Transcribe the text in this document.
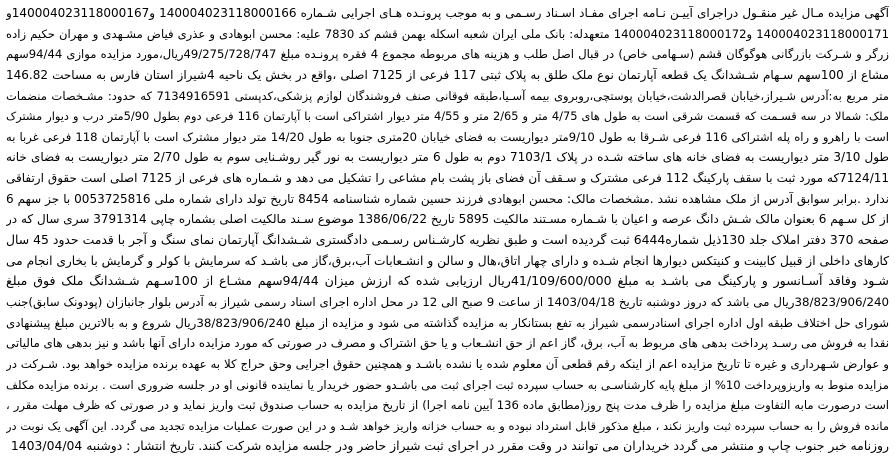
آگهی مزایده مـال غیر منقـول دراجرای آییـن نـامه اجرای مفـاد اسـناد رسـمی و به موجب پرونـده هـای اجرایی شـماره 140004023118000166 و140004023118000167و
140004023118000171 و140004023118000172 متعهدله: بانک ملی ایران شعبه اسکله بهمن قشم کد 7830 علیه: محسن ابوهادی و عذری فیاض مشـهدی و مهران حکیم زاده
زرگر و شـرکت بازرگانی هوگوگان قشم (سـهامی خاص) در قبال اصل طلب و هزینه های مربوطه مجموع 4 فقره پرونـده مبلغ 49/275/728/747ریال،مورد مزایده موازی 94/44سهم
مشاع از 100سهم سـهام شـشدانگ یک قطعه آپارتمان نوع ملک طلق به پلاک ثبتی 117 فرعی از 7125 اصلی ،واقع در بخش یک ناحیه 4شیراز استان فارس به مساحت 146.82
متر مربع به:آدرس شـیراز،خیابان قصرالدشت،خیابان پوستچی،روبروی بیمه آسـیا،طبقه فوقانی صنف فروشندگان لوازم پزشکی،کدپستی 7134916591 که حدود: مشـخصات منضمات
ملک: شمالا در سه قسـمت که قسمت شرقی است به طول های 4/75 متر و 2/65 متر و 4/55 متر دیوار اشتراکی است با آپارتمان 116 فرعی دوم بطول 5/90متر درب و دیوار مشترک
است با راهرو و راه پله اشتراکی 116 فرعی شـرقا به طول 9/10متر دیواریست به فضای خیابان 20متری جنوبا به طول 14/20 متر دیوار مشترک است با آپارتمان 118 فرعی غربا به
طول 3/10 متر دیواریست به فضای خانه های ساخته شـده در پلاک 7103/1 دوم به طول 6 متر دیواریست به نور گیر روشـنایی سوم به طول 2/70 متر دیواریست به فضای خانه
7124/11که مورد ثبت با سقف پارکینگ 112 فرعی مشترک و سـقف آن فضای باز پشت بام مشاعی را تشکیل می دهد و شـماره های فرعی از 7125 اصلی است حقوق ارتفاقی
ندارد .برابر سوابق آدرس از ملک مشاهده نشد .مشخصات مالک: محسن ابوهادی فرزند حسین شماره شناسنامه 8454 تاریخ تولد دارای شماره ملی 0053725816 با جز سهم 6
از کل سـهم 6 بعنوان مالک شـش دانگ عرصه و اعیان با شـماره مسـتند مالکیت 5895 تاریخ 1386/06/22 موضوع سـند مالکیت اصلی بشماره چاپی 3791314 سری سال که در
صفحه 370 دفتر املاک جلد 130ذیل شماره6444 ثبت گردیده است و طبق نظریه کارشـناس رسـمی دادگستری شـشدانگ آپارتمان نمای سنگ و آجر با قدمت حدود 45 سال
کارهای داخلی از قبیل کابینت و کنیتکس دیوارها انجام شـده و دارای چهار اتاق،هال و سالن و انشـعابات آب،برق،گاز می باشـد که سرمایش با کولر و گرمایش با بخاری انجام می
شـود وفاقد آسـانسور و پارکینگ می باشـد به مبلغ 41/109/600/000ریال ارزیابی شده که ارزش میزان 94/44سهم مشـاع از 100سـهم شـشدانگ ملک فوق مبلغ
38/823/906/240ریال می باشد که دروز دوشنبه تاریخ 1403/04/18 از ساعت 9 صبح الی 12 در محل اداره اجرای اسناد رسمی شیراز به آدرس بلوار جانبازان (پودونک سابق)جنب
شورای حل اختلاف طبقه اول اداره اجرای اسنادرسمی شیراز به تفع بستانکار به مزایده گذاشته می شود و مزایده از مبلغ 38/823/906/240ریال شروع و به بالاترین مبلغ پیشنهادی
نقدا به فروش می رسـد پرداخت بدهی های مربوط به آب، برق، گاز اعم از حق انشـعاب و یا حق اشتراک و مصرف در صورتی که مورد مزایده دارای آنها باشد و نیز بدهی های مالیاتی
و عوارض شـهرداری و غیره تا تاریخ مزایده اعم از اینکه رقم قطعی آن معلوم شده یا نشده باشـد و همچنین حقوق اجرایی وحق حراج کلا به عهده برنده مزایده خواهد بود. شـرکت در
مزایده منوط به واریزوپرداخت 10% از مبلغ پایه کارشناسـی به حساب سپرده ثبت اجرای ثبت می باشـدو حضور خریدار یا نماینده قانونی او در جلسه ضروری است . برنده مزایده مکلف
است درصورت مابه التفاوت مبلغ مزایده را ظرف مدت پنج روز(مطابق ماده 136 آیین نامه اجرا) از تاریخ مزایده به حساب صندوق ثبت واریز نماید و در صورتی که ظرف مهلت مقرر ،
مانده فروش را به حساب سپرده ثبت واریز نکند ، مبلغ مذکور قابل استرداد نبوده و به حساب خزانه واریز خواهد شـد و در این صورت عملیات مزایده تجدید می گردد. این آگهی یک نوبت در
روزنامه خبر جنوب چاپ و منتشر می گردد خریداران می توانند در وقت مقرر در اجرای ثبت شیراز حاضر ودر جلسه مزایده شرکت کنند. تاریخ انتشار : دوشنبه 1403/04/04
